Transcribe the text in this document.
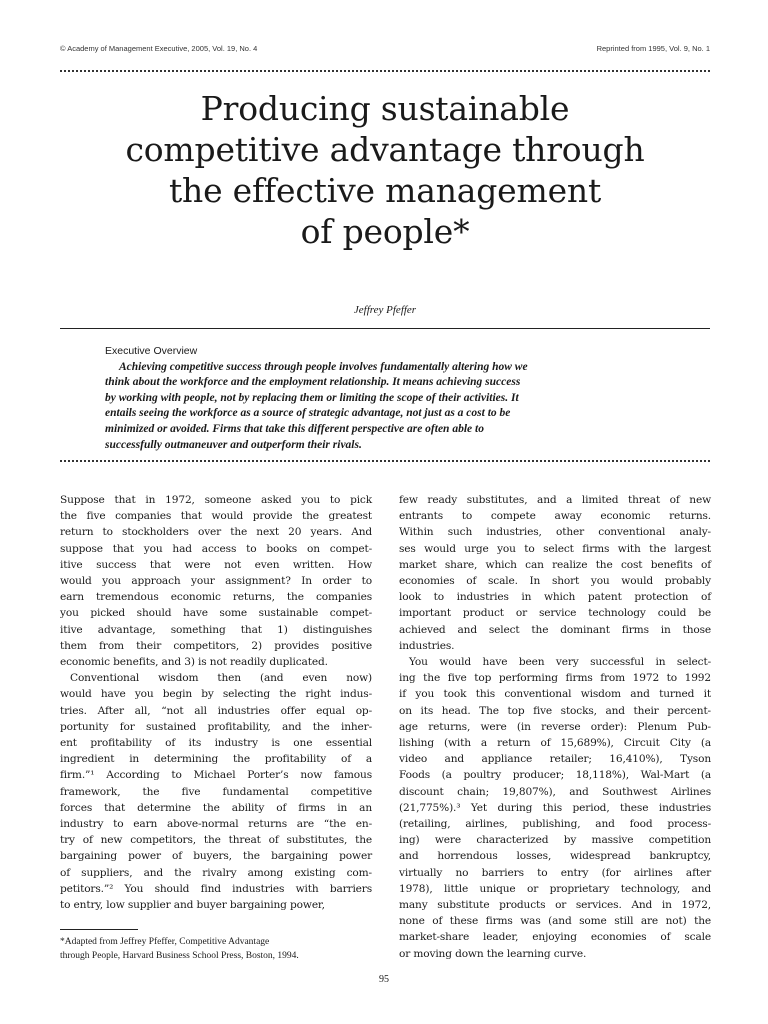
© Academy of Management Executive, 2005, Vol. 19, No. 4	Reprinted from 1995, Vol. 9, No. 1
Producing sustainable
competitive advantage through
the effective management
of people*
Jeffrey Pfeffer
Executive Overview
Achieving competitive success through people involves fundamentally altering how we
think about the workforce and the employment relationship. It means achieving success
by working with people, not by replacing them or limiting the scope of their activities. It
entails seeing the workforce as a source of strategic advantage, not just as a cost to be
minimized or avoided. Firms that take this different perspective are often able to
successfully outmaneuver and outperform their rivals.
Suppose that in 1972, someone asked you to pick
the five companies that would provide the greatest
return to stockholders over the next 20 years. And
suppose that you had access to books on compet-
itive success that were not even written. How
would you approach your assignment? In order to
earn tremendous economic returns, the companies
you picked should have some sustainable compet-
itive advantage, something that 1) distinguishes
them from their competitors, 2) provides positive
economic benefits, and 3) is not readily duplicated.
Conventional wisdom then (and even now)
would have you begin by selecting the right indus-
tries. After all, “not all industries offer equal op-
portunity for sustained profitability, and the inher-
ent profitability of its industry is one essential
ingredient in determining the profitability of a
firm.”¹ According to Michael Porter’s now famous
framework, the five fundamental competitive
forces that determine the ability of firms in an
industry to earn above-normal returns are “the en-
try of new competitors, the threat of substitutes, the
bargaining power of buyers, the bargaining power
of suppliers, and the rivalry among existing com-
petitors.”² You should find industries with barriers
to entry, low supplier and buyer bargaining power,
few ready substitutes, and a limited threat of new
entrants to compete away economic returns.
Within such industries, other conventional analy-
ses would urge you to select firms with the largest
market share, which can realize the cost benefits of
economies of scale. In short you would probably
look to industries in which patent protection of
important product or service technology could be
achieved and select the dominant firms in those
industries.
You would have been very successful in select-
ing the five top performing firms from 1972 to 1992
if you took this conventional wisdom and turned it
on its head. The top five stocks, and their percent-
age returns, were (in reverse order): Plenum Pub-
lishing (with a return of 15,689%), Circuit City (a
video and appliance retailer; 16,410%), Tyson
Foods (a poultry producer; 18,118%), Wal-Mart (a
discount chain; 19,807%), and Southwest Airlines
(21,775%).³ Yet during this period, these industries
(retailing, airlines, publishing, and food process-
ing) were characterized by massive competition
and horrendous losses, widespread bankruptcy,
virtually no barriers to entry (for airlines after
1978), little unique or proprietary technology, and
many substitute products or services. And in 1972,
none of these firms was (and some still are not) the
market-share leader, enjoying economies of scale
or moving down the learning curve.
*Adapted from Jeffrey Pfeffer, Competitive Advantage
through People, Harvard Business School Press, Boston, 1994.
95
